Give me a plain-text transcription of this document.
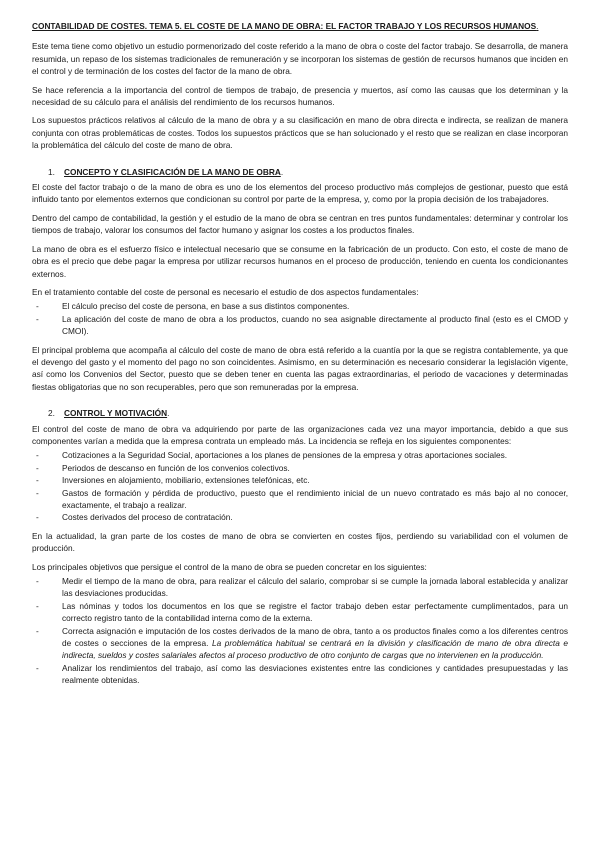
CONTABILIDAD DE COSTES. TEMA 5. EL COSTE DE LA MANO DE OBRA: EL FACTOR TRABAJO Y LOS RECURSOS HUMANOS.

Este tema tiene como objetivo un estudio pormenorizado del coste referido a la mano de obra o coste del factor trabajo. Se desarrolla, de manera resumida, un repaso de los sistemas tradicionales de remuneración y se incorporan los sistemas de gestión de recursos humanos que inciden en el control y de terminación de los costes del factor de la mano de obra.

Se hace referencia a la importancia del control de tiempos de trabajo, de presencia y muertos, así como las causas que los determinan y la necesidad de su cálculo para el análisis del rendimiento de los recursos humanos.

Los supuestos prácticos relativos al cálculo de la mano de obra y a su clasificación en mano de obra directa e indirecta, se realizan de manera conjunta con otras problemáticas de costes. Todos los supuestos prácticos que se han solucionado y el resto que se realizan en clase incorporan la problemática del cálculo del coste de mano de obra.

1. CONCEPTO Y CLASIFICACIÓN DE LA MANO DE OBRA.

El coste del factor trabajo o de la mano de obra es uno de los elementos del proceso productivo más complejos de gestionar, puesto que está influido tanto por elementos externos que condicionan su control por parte de la empresa, y, como por la propia decisión de los trabajadores.

Dentro del campo de contabilidad, la gestión y el estudio de la mano de obra se centran en tres puntos fundamentales: determinar y controlar los tiempos de trabajo, valorar los consumos del factor humano y asignar los costes a los productos finales.

La mano de obra es el esfuerzo físico e intelectual necesario que se consume en la fabricación de un producto. Con esto, el coste de mano de obra es el precio que debe pagar la empresa por utilizar recursos humanos en el proceso de producción, teniendo en cuenta los condicionantes externos.

En el tratamiento contable del coste de personal es necesario el estudio de dos aspectos fundamentales:

- El cálculo preciso del coste de persona, en base a sus distintos componentes.
- La aplicación del coste de mano de obra a los productos, cuando no sea asignable directamente al producto final (esto es el CMOD y CMOI).

El principal problema que acompaña al cálculo del coste de mano de obra está referido a la cuantía por la que se registra contablemente, ya que el devengo del gasto y el momento del pago no son coincidentes. Asimismo, en su determinación es necesario considerar la legislación vigente, así como los Convenios del Sector, puesto que se deben tener en cuenta las pagas extraordinarias, el periodo de vacaciones y determinadas fiestas obligatorias que no son recuperables, pero que son remuneradas por la empresa.

2. CONTROL Y MOTIVACIÓN.

El control del coste de mano de obra va adquiriendo por parte de las organizaciones cada vez una mayor importancia, debido a que sus componentes varían a medida que la empresa contrata un empleado más. La incidencia se refleja en los siguientes componentes:

- Cotizaciones a la Seguridad Social, aportaciones a los planes de pensiones de la empresa y otras aportaciones sociales.
- Periodos de descanso en función de los convenios colectivos.
- Inversiones en alojamiento, mobiliario, extensiones telefónicas, etc.
- Gastos de formación y pérdida de productivo, puesto que el rendimiento inicial de un nuevo contratado es más bajo al no conocer, exactamente, el trabajo a realizar.
- Costes derivados del proceso de contratación.

En la actualidad, la gran parte de los costes de mano de obra se convierten en costes fijos, perdiendo su variabilidad con el volumen de producción.

Los principales objetivos que persigue el control de la mano de obra se pueden concretar en los siguientes:

- Medir el tiempo de la mano de obra, para realizar el cálculo del salario, comprobar si se cumple la jornada laboral establecida y analizar las desviaciones producidas.
- Las nóminas y todos los documentos en los que se registre el factor trabajo deben estar perfectamente cumplimentados, para un correcto registro tanto de la contabilidad interna como de la externa.
- Correcta asignación e imputación de los costes derivados de la mano de obra, tanto a os productos finales como a los diferentes centros de costes o secciones de la empresa. La problemática habitual se centrará en la división y clasificación de mano de obra directa e indirecta, sueldos y costes salariales afectos al proceso productivo de otro conjunto de cargas que no intervienen en la producción.
- Analizar los rendimientos del trabajo, así como las desviaciones existentes entre las condiciones y cantidades presupuestadas y las realmente obtenidas.
